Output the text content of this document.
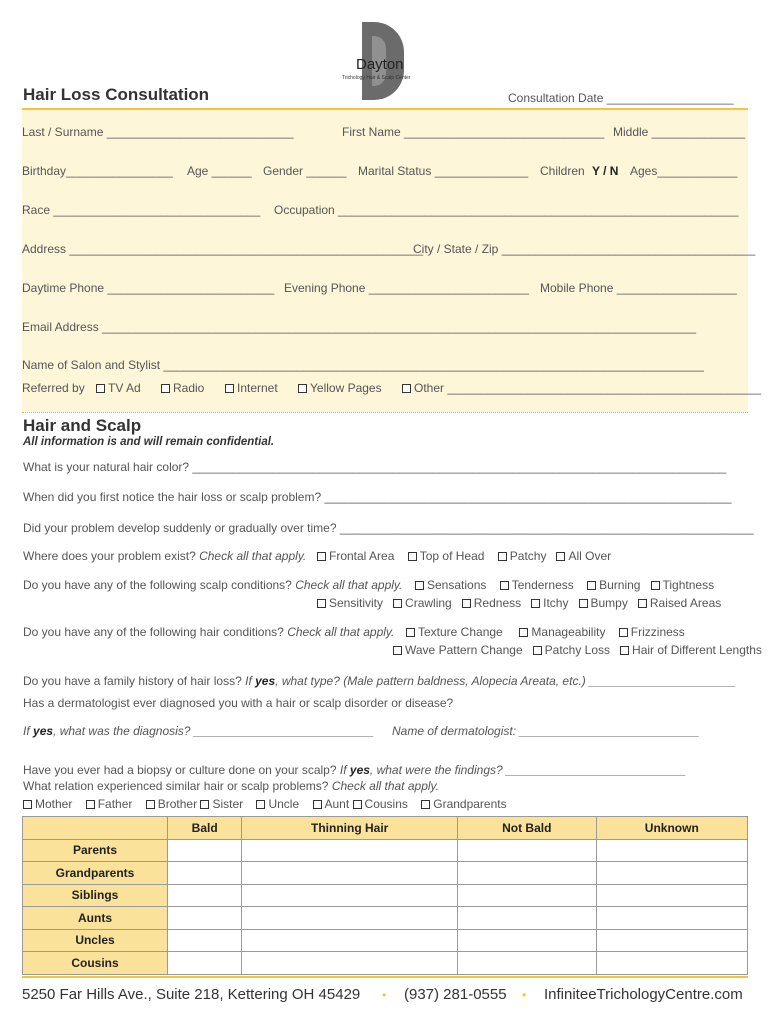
Dayton
Trichology Hair & Scalp Center
Hair Loss Consultation	Consultation Date ___________________
Last / Surname ____________________________	First Name ______________________________ Middle ______________
Birthday________________ Age ______ Gender ______ Marital Status ______________ Children Y / N Ages____________
Race _______________________________ Occupation ____________________________________________________________
Address _____________________________________________________
City / State / Zip ______________________________________
Daytime Phone _________________________ Evening Phone ________________________ Mobile Phone __________________
Email Address _________________________________________________________________________________________
Name of Salon and Stylist _________________________________________________________________________________
Referred by	TV Ad	Radio	Internet	Yellow Pages	Other _______________________________________________
Hair and Scalp
All information is and will remain confidential.
What is your natural hair color? ________________________________________________________________________________
When did you first notice the hair loss or scalp problem? _____________________________________________________________
Did your problem develop suddenly or gradually over time? ______________________________________________________________
Where does your problem exist? Check all that apply.	Frontal Area Top of Head Patchy All Over
Do you have any of the following scalp conditions? Check all that apply.	Sensations Tenderness Burning Tightness
Sensitivity Crawling Redness Itchy Bumpy Raised Areas
Do you have any of the following hair conditions? Check all that apply.	Texture Change Manageability Frizziness
Wave Pattern Change Patchy Loss Hair of Different Lengths
Do you have a family history of hair loss? If yes, what type? (Male pattern baldness, Alopecia Areata, etc.) ______________________
Has a dermatologist ever diagnosed you with a hair or scalp disorder or disease?
If yes, what was the diagnosis? ___________________________ Name of dermatologist: ___________________________
Have you ever had a biopsy or culture done on your scalp? If yes, what were the findings? ___________________________
What relation experienced similar hair or scalp problems? Check all that apply.
Mother Father Brother Sister Uncle Aunt Cousins Grandparents
	Bald	Thinning Hair	Not Bald	Unknown
Parents				
Grandparents				
Siblings				
Aunts				
Uncles				
Cousins				
5250 Far Hills Ave., Suite 218, Kettering OH 45429 • (937) 281-0555 • InfiniteeTrichologyCentre.com
